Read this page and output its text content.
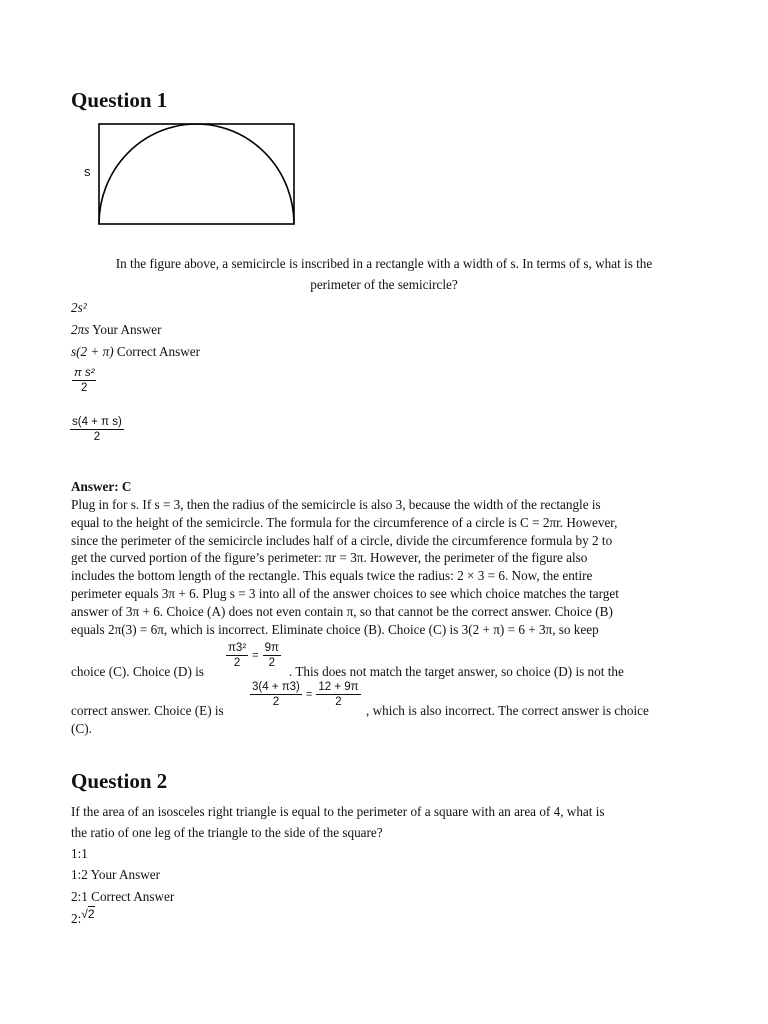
Question 1
s
In the figure above, a semicircle is inscribed in a rectangle with a width of s. In terms of s, what is the
perimeter of the semicircle?
2s²
2πs Your Answer
s(2 + π) Correct Answer
$\frac{\text{π s²}}{2}$
$\frac{\text{s(4 + π s)}}{2}$
Answer: C
Plug in for s. If s = 3, then the radius of the semicircle is also 3, because the width of the rectangle is
equal to the height of the semicircle. The formula for the circumference of a circle is C = 2πr. However,
since the perimeter of the semicircle includes half of a circle, divide the circumference formula by 2 to
get the curved portion of the figure’s perimeter: πr = 3π. However, the perimeter of the figure also
includes the bottom length of the rectangle. This equals twice the radius: 2 × 3 = 6. Now, the entire
perimeter equals 3π + 6. Plug s = 3 into all of the answer choices to see which choice matches the target
answer of 3π + 6. Choice (A) does not even contain π, so that cannot be the correct answer. Choice (B)
equals 2π(3) = 6π, which is incorrect. Eliminate choice (B). Choice (C) is 3(2 + π) = 6 + 3π, so keep
$\frac{\text{π3²}}{2} = \frac{9\pi}{2}$
choice (C). Choice (D) is	. This does not match the target answer, so choice (D) is not the
$\frac{3(4 + \pi 3)}{2} = \frac{12 + 9\pi}{2}$
correct answer. Choice (E) is	, which is also incorrect. The correct answer is choice
(C).
Question 2
If the area of an isosceles right triangle is equal to the perimeter of a square with an area of 4, what is
the ratio of one leg of the triangle to the side of the square?
1:1
1:2 Your Answer
2:1 Correct Answer
2:√2
